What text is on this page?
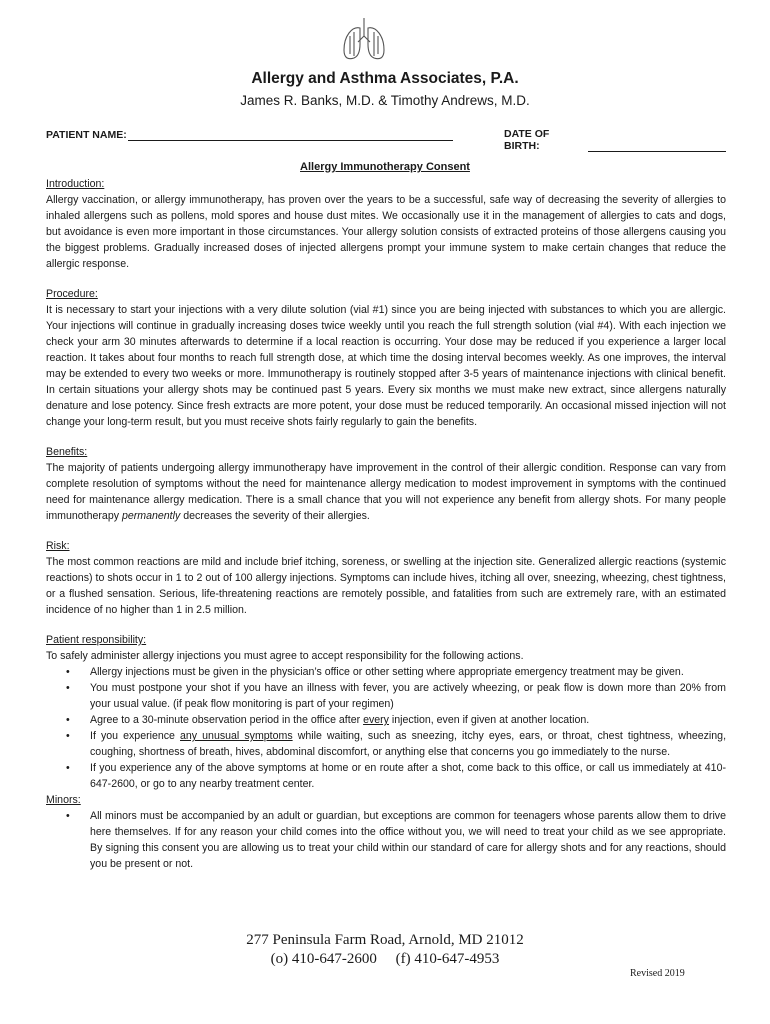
Allergy and Asthma Associates, P.A.
James R. Banks, M.D. & Timothy Andrews, M.D.
PATIENT NAME:	DATE OF BIRTH:
Allergy Immunotherapy Consent

Introduction:

Allergy vaccination, or allergy immunotherapy, has proven over the years to be a successful, safe way of decreasing the severity of allergies to inhaled allergens such as pollens, mold spores and house dust mites. We occasionally use it in the management of allergies to cats and dogs, but avoidance is even more important in those circumstances. Your allergy solution consists of extracted proteins of those allergens causing you the biggest problems. Gradually increased doses of injected allergens prompt your immune system to make certain changes that reduce the allergic response.

Procedure:

It is necessary to start your injections with a very dilute solution (vial #1) since you are being injected with substances to which you are allergic. Your injections will continue in gradually increasing doses twice weekly until you reach the full strength solution (vial #4). With each injection we check your arm 30 minutes afterwards to determine if a local reaction is occurring. Your dose may be reduced if you experience a larger local reaction. It takes about four months to reach full strength dose, at which time the dosing interval becomes weekly. As one improves, the interval may be extended to every two weeks or more. Immunotherapy is routinely stopped after 3-5 years of maintenance injections with clinical benefit. In certain situations your allergy shots may be continued past 5 years. Every six months we must make new extract, since allergens naturally denature and lose potency. Since fresh extracts are more potent, your dose must be reduced temporarily. An occasional missed injection will not change your long-term result, but you must receive shots fairly regularly to gain the benefits.

Benefits:

The majority of patients undergoing allergy immunotherapy have improvement in the control of their allergic condition. Response can vary from complete resolution of symptoms without the need for maintenance allergy medication to modest improvement in symptoms with the continued need for maintenance allergy medication. There is a small chance that you will not experience any benefit from allergy shots. For many people immunotherapy permanently decreases the severity of their allergies.

Risk:

The most common reactions are mild and include brief itching, soreness, or swelling at the injection site. Generalized allergic reactions (systemic reactions) to shots occur in 1 to 2 out of 100 allergy injections. Symptoms can include hives, itching all over, sneezing, wheezing, chest tightness, or a flushed sensation. Serious, life-threatening reactions are remotely possible, and fatalities from such are extremely rare, with an estimated incidence of no higher than 1 in 2.5 million.

Patient responsibility:

To safely administer allergy injections you must agree to accept responsibility for the following actions.

• Allergy injections must be given in the physician’s office or other setting where appropriate emergency treatment may be given.
• You must postpone your shot if you have an illness with fever, you are actively wheezing, or peak flow is down more than 20% from your usual value. (if peak flow monitoring is part of your regimen)
• Agree to a 30-minute observation period in the office after every injection, even if given at another location.
• If you experience any unusual symptoms while waiting, such as sneezing, itchy eyes, ears, or throat, chest tightness, wheezing, coughing, shortness of breath, hives, abdominal discomfort, or anything else that concerns you go immediately to the nurse.
• If you experience any of the above symptoms at home or en route after a shot, come back to this office, or call us immediately at 410-647-2600, or go to any nearby treatment center.

Minors:

• All minors must be accompanied by an adult or guardian, but exceptions are common for teenagers whose parents allow them to drive here themselves. If for any reason your child comes into the office without you, we will need to treat your child as we see appropriate. By signing this consent you are allowing us to treat your child within our standard of care for allergy shots and for any reactions, should you be present or not.
277 Peninsula Farm Road, Arnold, MD 21012
(o) 410-647-2600     (f) 410-647-4953
Revised 2019
